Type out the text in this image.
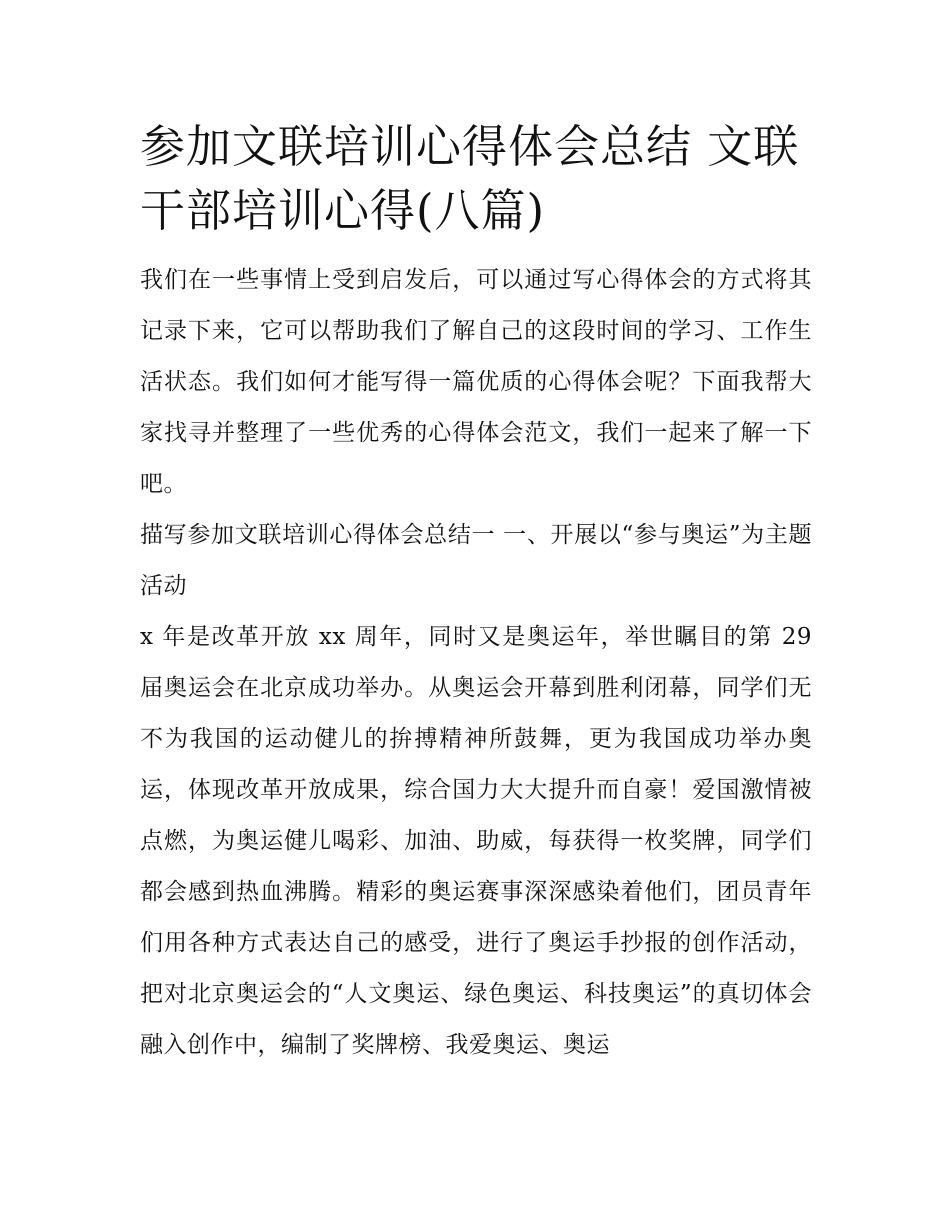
参加文联培训心得体会总结 文联干部培训心得(八篇)

我们在一些事情上受到启发后，可以通过写心得体会的方式将其记录下来，它可以帮助我们了解自己的这段时间的学习、工作生活状态。我们如何才能写得一篇优质的心得体会呢？下面我帮大家找寻并整理了一些优秀的心得体会范文，我们一起来了解一下吧。

描写参加文联培训心得体会总结一 一、开展以“参与奥运”为主题活动

x 年是改革开放 xx 周年，同时又是奥运年，举世瞩目的第 29 届奥运会在北京成功举办。从奥运会开幕到胜利闭幕，同学们无不为我国的运动健儿的拚搏精神所鼓舞，更为我国成功举办奥运，体现改革开放成果，综合国力大大提升而自豪！爱国激情被点燃，为奥运健儿喝彩、加油、助威，每获得一枚奖牌，同学们都会感到热血沸腾。精彩的奥运赛事深深感染着他们，团员青年们用各种方式表达自己的感受，进行了奥运手抄报的创作活动，把对北京奥运会的“人文奥运、绿色奥运、科技奥运”的真切体会融入创作中，编制了奖牌榜、我爱奥运、奥运
